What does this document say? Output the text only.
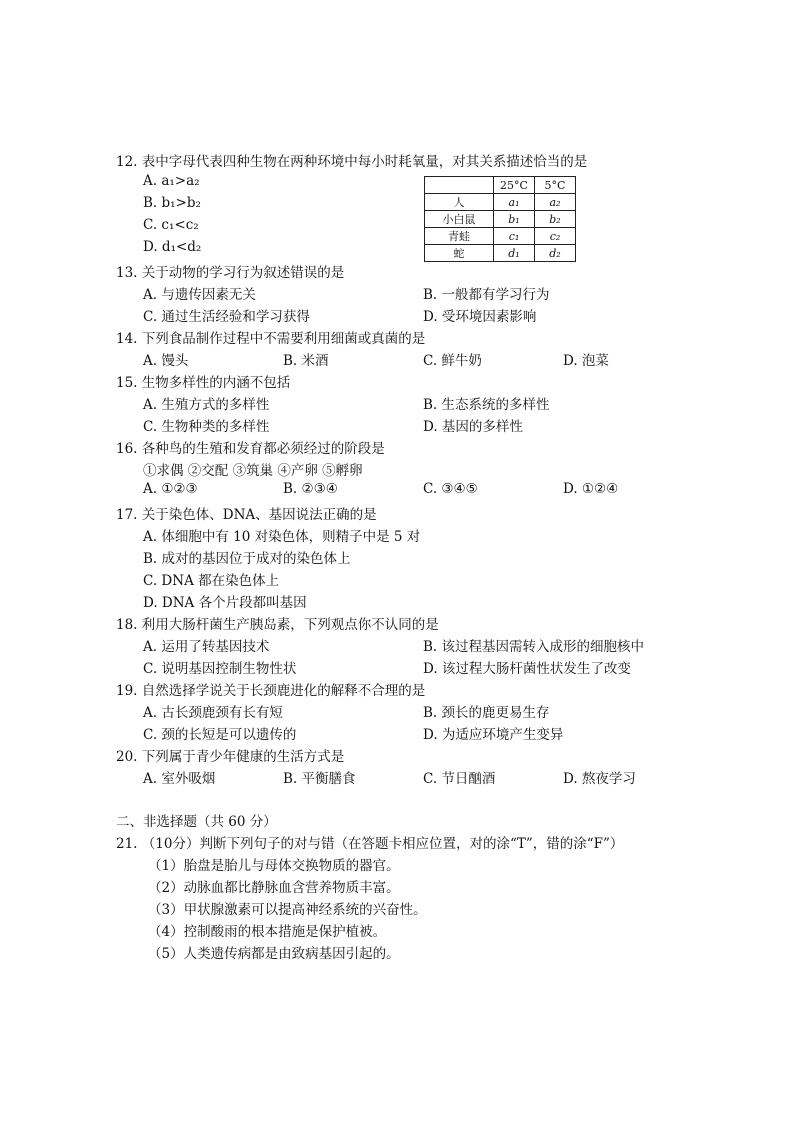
12. 表中字母代表四种生物在两种环境中每小时耗氧量，对其关系描述恰当的是
A. a₁>a₂
B. b₁>b₂
C. c₁<c₂
D. d₁<d₂
	25°C	5°C
人	a₁	a₂
小白鼠	b₁	b₂
青蛙	c₁	c₂
蛇	d₁	d₂
13. 关于动物的学习行为叙述错误的是
A. 与遗传因素无关	B. 一般都有学习行为
C. 通过生活经验和学习获得	D. 受环境因素影响
14. 下列食品制作过程中不需要利用细菌或真菌的是
A. 馒头	B. 米酒	C. 鲜牛奶	D. 泡菜
15. 生物多样性的内涵不包括
A. 生殖方式的多样性	B. 生态系统的多样性
C. 生物种类的多样性	D. 基因的多样性
16. 各种鸟的生殖和发育都必须经过的阶段是
①求偶 ②交配 ③筑巢 ④产卵 ⑤孵卵
A. ①②③	B. ②③④	C. ③④⑤	D. ①②④
17. 关于染色体、DNA、基因说法正确的是
A. 体细胞中有 10 对染色体，则精子中是 5 对
B. 成对的基因位于成对的染色体上
C. DNA 都在染色体上
D. DNA 各个片段都叫基因
18. 利用大肠杆菌生产胰岛素，下列观点你不认同的是
A. 运用了转基因技术	B. 该过程基因需转入成形的细胞核中
C. 说明基因控制生物性状	D. 该过程大肠杆菌性状发生了改变
19. 自然选择学说关于长颈鹿进化的解释不合理的是
A. 古长颈鹿颈有长有短	B. 颈长的鹿更易生存
C. 颈的长短是可以遗传的	D. 为适应环境产生变异
20. 下列属于青少年健康的生活方式是
A. 室外吸烟	B. 平衡膳食	C. 节日酗酒	D. 熬夜学习
二、非选择题（共 60 分）
21. （10分）判断下列句子的对与错（在答题卡相应位置，对的涂“T”，错的涂“F”）
（1）胎盘是胎儿与母体交换物质的器官。
（2）动脉血都比静脉血含营养物质丰富。
（3）甲状腺激素可以提高神经系统的兴奋性。
（4）控制酸雨的根本措施是保护植被。
（5）人类遗传病都是由致病基因引起的。
